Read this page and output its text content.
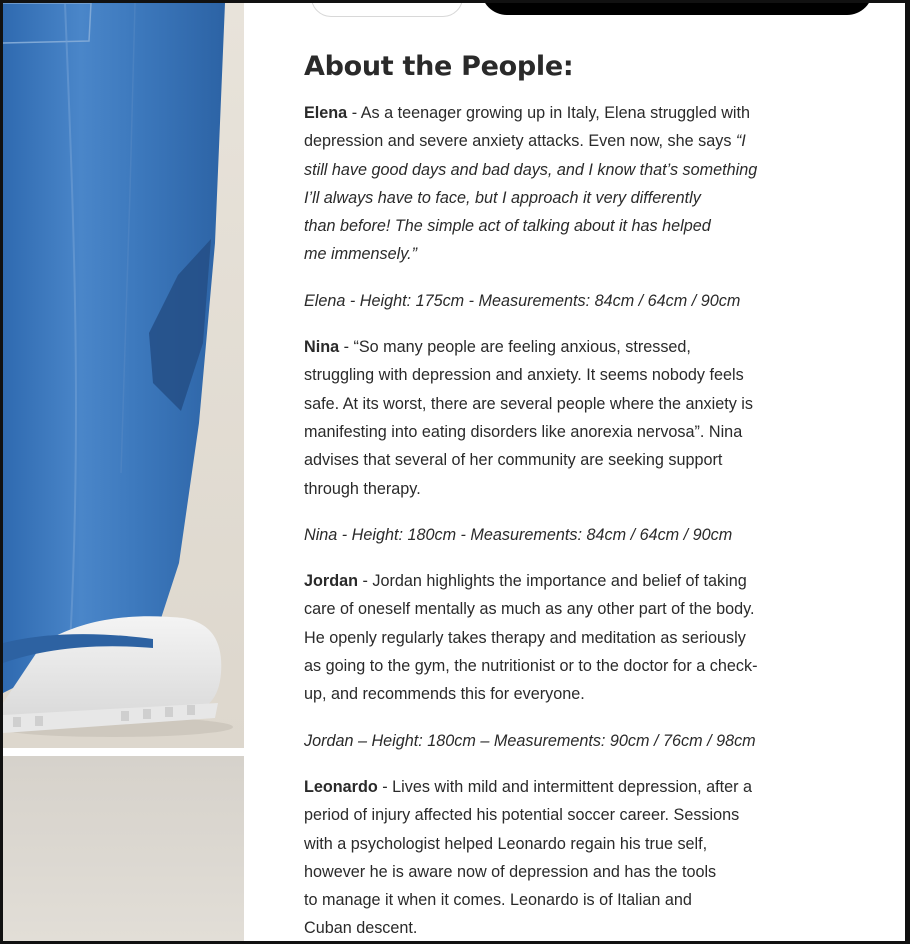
About the People:

Elena - As a teenager growing up in Italy, Elena struggled with
depression and severe anxiety attacks. Even now, she says “I
still have good days and bad days, and I know that’s something
I’ll always have to face, but I approach it very differently
than before! The simple act of talking about it has helped
me immensely.”

Elena - Height: 175cm - Measurements: 84cm / 64cm / 90cm

Nina - “So many people are feeling anxious, stressed,
struggling with depression and anxiety. It seems nobody feels
safe. At its worst, there are several people where the anxiety is
manifesting into eating disorders like anorexia nervosa”. Nina
advises that several of her community are seeking support
through therapy.

Nina - Height: 180cm - Measurements: 84cm / 64cm / 90cm

Jordan - Jordan highlights the importance and belief of taking
care of oneself mentally as much as any other part of the body.
He openly regularly takes therapy and meditation as seriously
as going to the gym, the nutritionist or to the doctor for a check-
up, and recommends this for everyone.

Jordan – Height: 180cm – Measurements: 90cm / 76cm / 98cm

Leonardo - Lives with mild and intermittent depression, after a
period of injury affected his potential soccer career. Sessions
with a psychologist helped Leonardo regain his true self,
however he is aware now of depression and has the tools
to manage it when it comes. Leonardo is of Italian and
Cuban descent.
